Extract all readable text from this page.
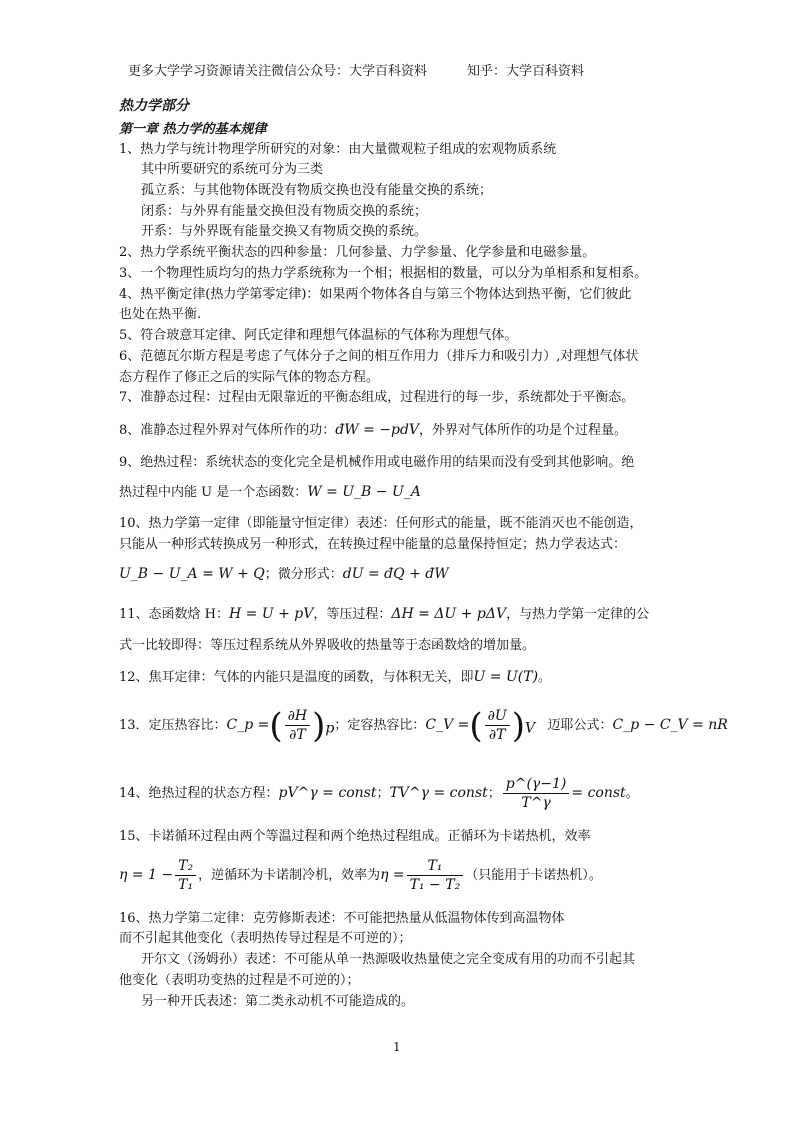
更多大学学习资源请关注微信公众号：大学百科资料	知乎：大学百科资料
热力学部分
第一章 热力学的基本规律
1、热力学与统计物理学所研究的对象：由大量微观粒子组成的宏观物质系统
其中所要研究的系统可分为三类
孤立系：与其他物体既没有物质交换也没有能量交换的系统；
闭系：与外界有能量交换但没有物质交换的系统；
开系：与外界既有能量交换又有物质交换的系统。
2、热力学系统平衡状态的四种参量：几何参量、力学参量、化学参量和电磁参量。
3、一个物理性质均匀的热力学系统称为一个相；根据相的数量，可以分为单相系和复相系。
4、热平衡定律(热力学第零定律)：如果两个物体各自与第三个物体达到热平衡，它们彼此
也处在热平衡.
5、符合玻意耳定律、阿氏定律和理想气体温标的气体称为理想气体。
6、范德瓦尔斯方程是考虑了气体分子之间的相互作用力（排斥力和吸引力）,对理想气体状
态方程作了修正之后的实际气体的物态方程。
7、准静态过程：过程由无限靠近的平衡态组成，过程进行的每一步，系统都处于平衡态。
8、准静态过程外界对气体所作的功：đW = −pdV，外界对气体所作的功是个过程量。
9、绝热过程：系统状态的变化完全是机械作用或电磁作用的结果而没有受到其他影响。绝
热过程中内能 U 是一个态函数：W = U_B − U_A
10、热力学第一定律（即能量守恒定律）表述：任何形式的能量，既不能消灭也不能创造，
只能从一种形式转换成另一种形式，在转换过程中能量的总量保持恒定；热力学表达式：
U_B − U_A = W + Q；微分形式：dU = đQ + đW
11、态函数焓 H：H = U + pV，等压过程：ΔH = ΔU + pΔV，与热力学第一定律的公
式一比较即得：等压过程系统从外界吸收的热量等于态函数焓的增加量。
12、焦耳定律：气体的内能只是温度的函数，与体积无关，即U = U(T)。
13．定压热容比：C_p =( $\frac{\partial H}{\partial T} )_p$；定容热容比：C_V =( $\frac{\partial U}{\partial T} )_V$ 迈耶公式：C_p − C_V = nR
14、绝热过程的状态方程：pV^γ = const；TV^γ = const； $\frac{p\^{}(\gamma-1)}{T\^{}\gamma}$ = const。
15、卡诺循环过程由两个等温过程和两个绝热过程组成。正循环为卡诺热机，效率
$\eta = 1 - \frac{\text{T₂}}{\text{T₁}}$ ，逆循环为卡诺制冷机，效率为$\eta = \frac{\text{T₁}}{\text{T₁ − T₂}}$ （只能用于卡诺热机）。
16、热力学第二定律：克劳修斯表述：不可能把热量从低温物体传到高温物体
而不引起其他变化（表明热传导过程是不可逆的）；
开尔文（汤姆孙）表述：不可能从单一热源吸收热量使之完全变成有用的功而不引起其
他变化（表明功变热的过程是不可逆的）；
另一种开氏表述：第二类永动机不可能造成的。
1
